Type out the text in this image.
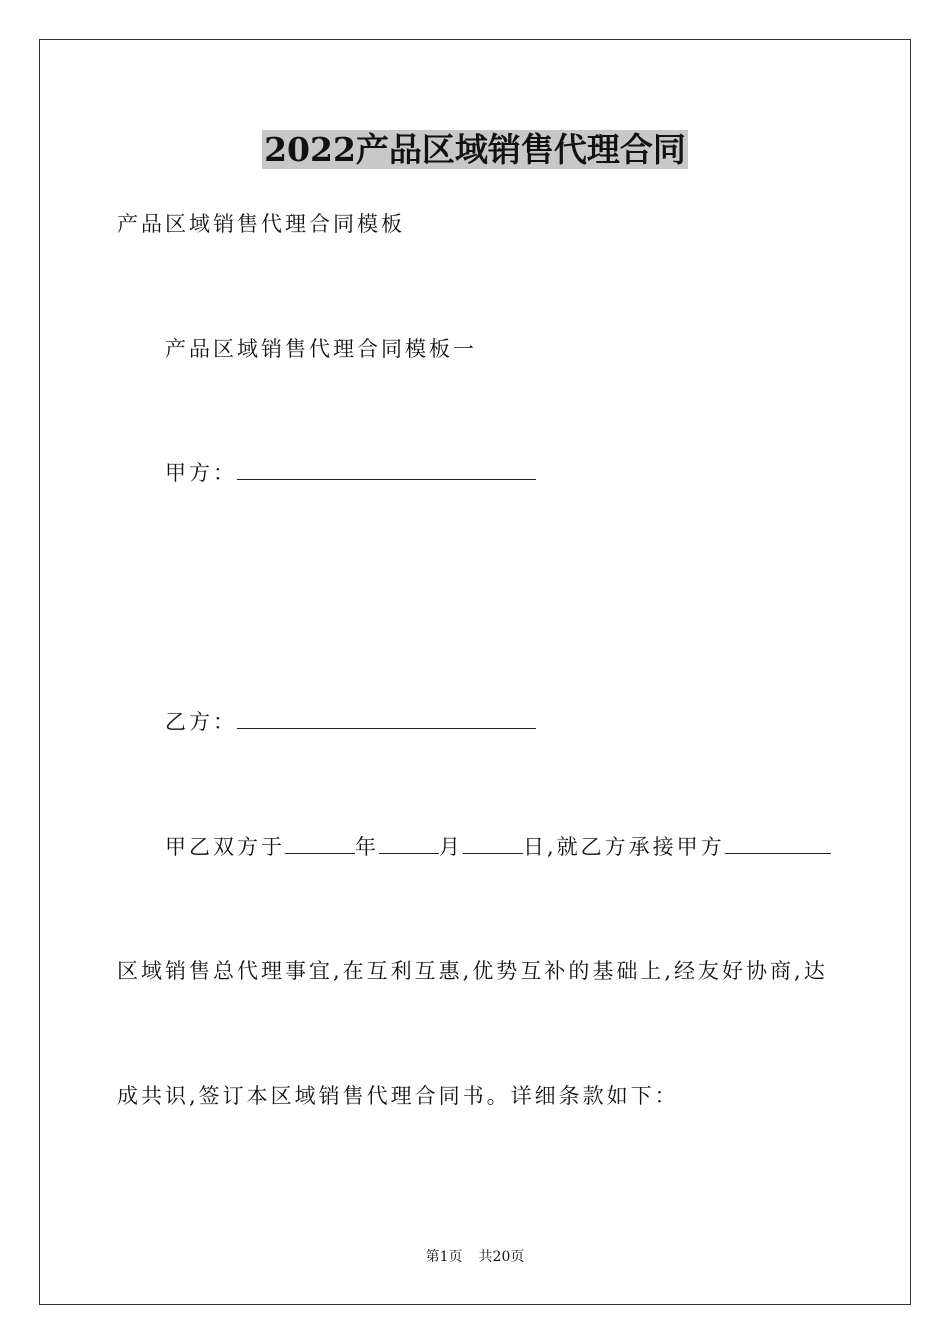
2022产品区域销售代理合同
产品区域销售代理合同模板
产品区域销售代理合同模板一
甲方：
乙方：
甲乙双方于	年	月	日,就乙方承接甲方
区域销售总代理事宜,在互利互惠,优势互补的基础上,经友好协商,达
成共识,签订本区域销售代理合同书。详细条款如下：
第1页 共20页
